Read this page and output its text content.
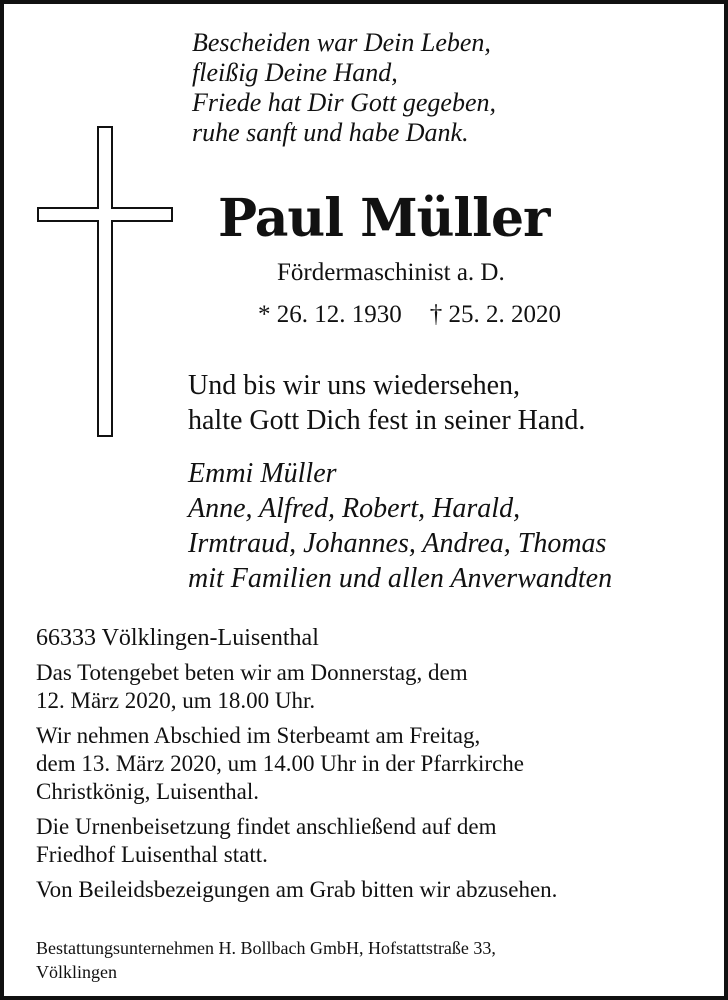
Bescheiden war Dein Leben,
fleißig Deine Hand,
Friede hat Dir Gott gegeben,
ruhe sanft und habe Dank.
Paul Müller
Fördermaschinist a. D.
* 26. 12. 1930 † 25. 2. 2020
Und bis wir uns wiedersehen,
halte Gott Dich fest in seiner Hand.
Emmi Müller
Anne, Alfred, Robert, Harald,
Irmtraud, Johannes, Andrea, Thomas
mit Familien und allen Anverwandten
66333 Völklingen-Luisenthal
Das Totengebet beten wir am Donnerstag, dem
12. März 2020, um 18.00 Uhr.
Wir nehmen Abschied im Sterbeamt am Freitag,
dem 13. März 2020, um 14.00 Uhr in der Pfarrkirche
Christkönig, Luisenthal.
Die Urnenbeisetzung findet anschließend auf dem
Friedhof Luisenthal statt.
Von Beileidsbezeigungen am Grab bitten wir abzusehen.
Bestattungsunternehmen H. Bollbach GmbH, Hofstattstraße 33,
Völklingen
